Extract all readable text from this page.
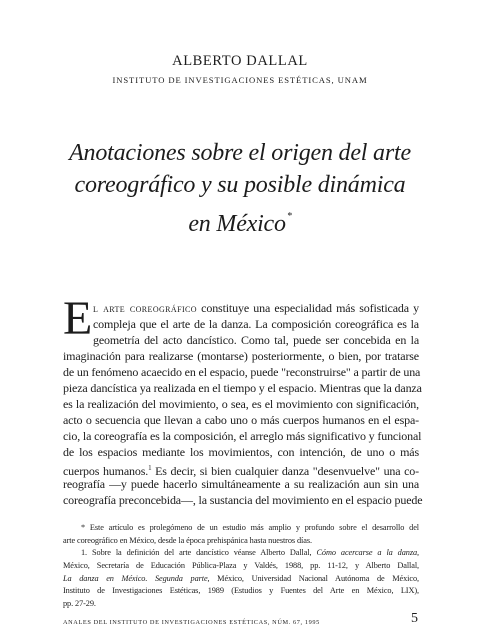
ALBERTO DALLAL
INSTITUTO DE INVESTIGACIONES ESTÉTICAS, UNAM
Anotaciones sobre el origen del arte
coreográfico y su posible dinámica
en México*
E l arte coreográfico constituye una especialidad más sofisticada y
compleja que el arte de la danza. La composición coreográfica es la
geometría del acto dancístico. Como tal, puede ser concebida en la
imaginación para realizarse (montarse) posteriormente, o bien, por tratarse
de un fenómeno acaecido en el espacio, puede "reconstruirse" a partir de una
pieza dancística ya realizada en el tiempo y el espacio. Mientras que la danza
es la realización del movimiento, o sea, es el movimiento con significación,
acto o secuencia que llevan a cabo uno o más cuerpos humanos en el espa-
cio, la coreografía es la composición, el arreglo más significativo y funcional
de los espacios mediante los movimientos, con intención, de uno o más
cuerpos humanos.$^1$ Es decir, si bien cualquier danza "desenvuelve" una co-
reografía —y puede hacerlo simultáneamente a su realización aun sin una
coreografía preconcebida—, la sustancia del movimiento en el espacio puede
* Este artículo es prolegómeno de un estudio más amplio y profundo sobre el desarrollo del
arte coreográfico en México, desde la época prehispánica hasta nuestros días.
1. Sobre la definición del arte dancístico véanse Alberto Dallal, Cómo acercarse a la danza,
México, Secretaría de Educación Pública-Plaza y Valdés, 1988, pp. 11-12, y Alberto Dallal,
La danza en México. Segunda parte, México, Universidad Nacional Autónoma de México,
Instituto de Investigaciones Estéticas, 1989 (Estudios y Fuentes del Arte en México, LIX),
pp. 27-29.
ANALES DEL INSTITUTO DE INVESTIGACIONES ESTÉTICAS, NÚM. 67, 1995	5
